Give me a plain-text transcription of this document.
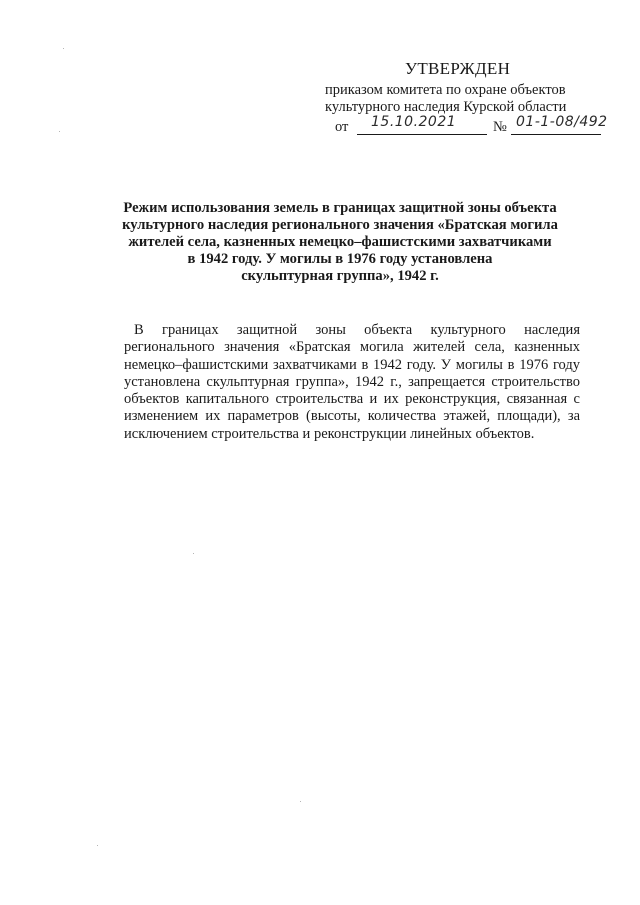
УТВЕРЖДЕН
приказом комитета по охране объектов
культурного наследия Курской области
от 15.10.2021	№ 01-1-08/492
Режим использования земель в границах защитной зоны объекта
культурного наследия регионального значения «Братская могила
жителей села, казненных немецко–фашистскими захватчиками
в 1942 году. У могилы в 1976 году установлена
скульптурная группа», 1942 г.
В границах защитной зоны объекта культурного наследия регионального значения «Братская могила жителей села, казненных немецко–фашистскими захватчиками в 1942 году. У могилы в 1976 году установлена скульптурная группа», 1942 г., запрещается строительство объектов капитального строительства и их реконструкция, связанная с изменением их параметров (высоты, количества этажей, площади), за исключением строительства и реконструкции линейных объектов.
